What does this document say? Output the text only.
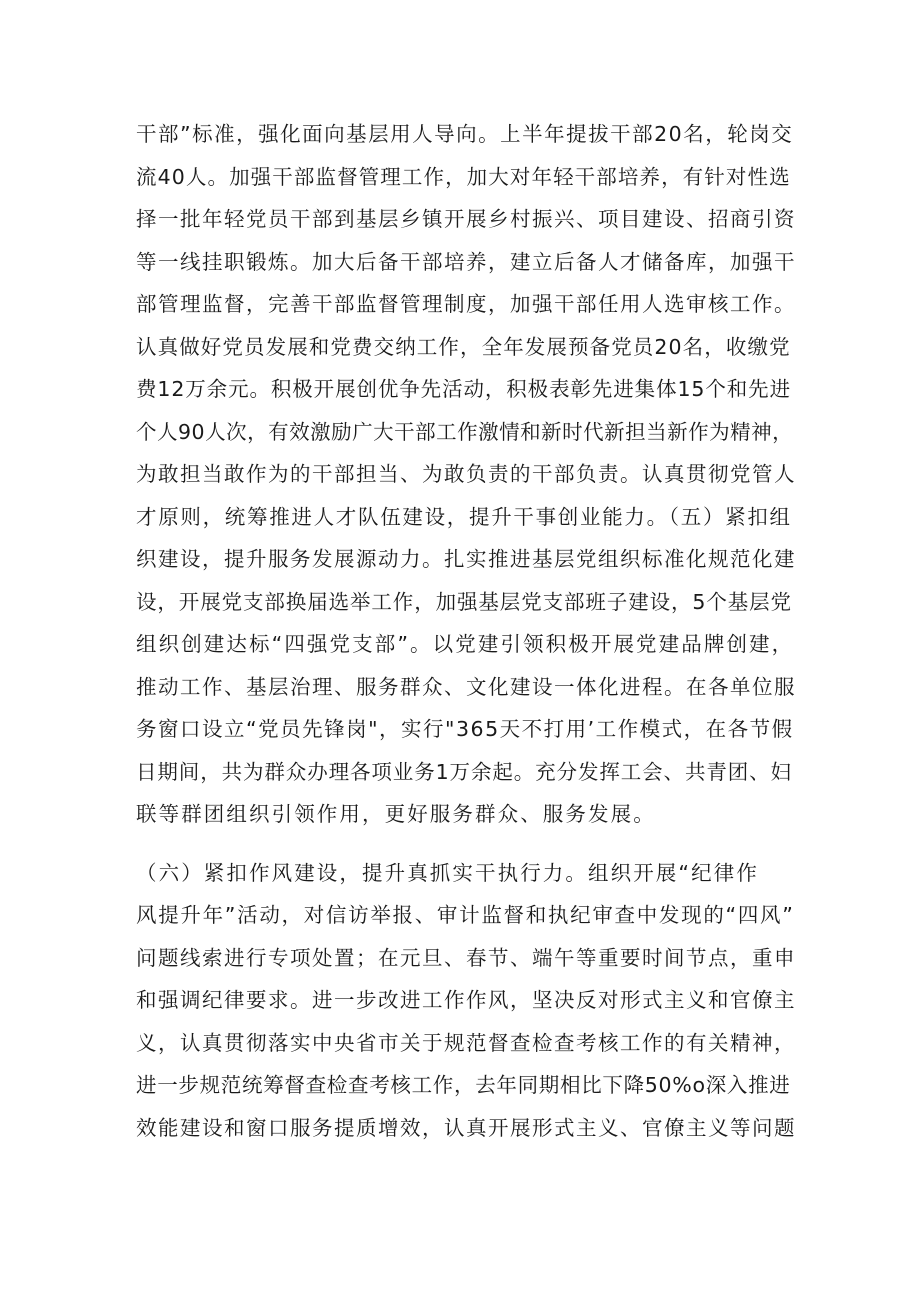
干部”标准，强化面向基层用人导向。上半年提拔干部20名，轮岗交
流40人。加强干部监督管理工作，加大对年轻干部培养，有针对性选
择一批年轻党员干部到基层乡镇开展乡村振兴、项目建设、招商引资
等一线挂职锻炼。加大后备干部培养，建立后备人才储备库，加强干
部管理监督，完善干部监督管理制度，加强干部任用人选审核工作。
认真做好党员发展和党费交纳工作，全年发展预备党员20名，收缴党
费12万余元。积极开展创优争先活动，积极表彰先进集体15个和先进
个人90人次，有效激励广大干部工作激情和新时代新担当新作为精神，
为敢担当敢作为的干部担当、为敢负责的干部负责。认真贯彻党管人
才原则，统筹推进人才队伍建设，提升干事创业能力。（五）紧扣组
织建设，提升服务发展源动力。扎实推进基层党组织标准化规范化建
设，开展党支部换届选举工作，加强基层党支部班子建设，5个基层党
组织创建达标“四强党支部”。以党建引领积极开展党建品牌创建，
推动工作、基层治理、服务群众、文化建设一体化进程。在各单位服
务窗口设立“党员先锋岗"，实行"365天不打用’工作模式，在各节假
日期间，共为群众办理各项业务1万余起。充分发挥工会、共青团、妇
联等群团组织引领作用，更好服务群众、服务发展。
（六）紧扣作风建设，提升真抓实干执行力。组织开展“纪律作
风提升年”活动，对信访举报、审计监督和执纪审查中发现的“四风”
问题线索进行专项处置；在元旦、春节、端午等重要时间节点，重申
和强调纪律要求。进一步改进工作作风，坚决反对形式主义和官僚主
义，认真贯彻落实中央省市关于规范督查检查考核工作的有关精神，
进一步规范统筹督查检查考核工作，去年同期相比下降50%o深入推进
效能建设和窗口服务提质增效，认真开展形式主义、官僚主义等问题
